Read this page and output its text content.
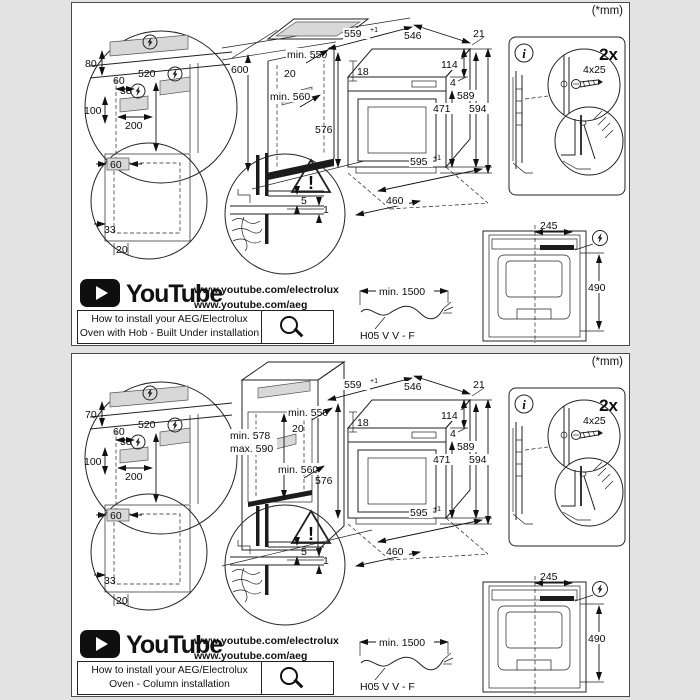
80
60
520
33
100
200
60
33
20
!
5
1
600
min. 550
20
min. 560
559 +1 546	21
18
114
4
589
594
471
576
595 +1
460
i	2x
4x25
245
490
min. 1500
H05 V V - F
(*mm)
YouTube
www.youtube.com/electrolux
www.youtube.com/aeg
How to install your AEG/Electrolux
Oven with Hob - Built Under installation
70
60
520
33
100
200
60
33
20
!
5
1
min. 578
max. 590
min. 550
20
min. 560
559 +1 546	21
18
114
4
589
594
471
576
595 +1
460
i	2x
4x25
245
490
min. 1500
H05 V V - F
(*mm)
YouTube
www.youtube.com/electrolux
www.youtube.com/aeg
How to install your AEG/Electrolux
Oven - Column installation
